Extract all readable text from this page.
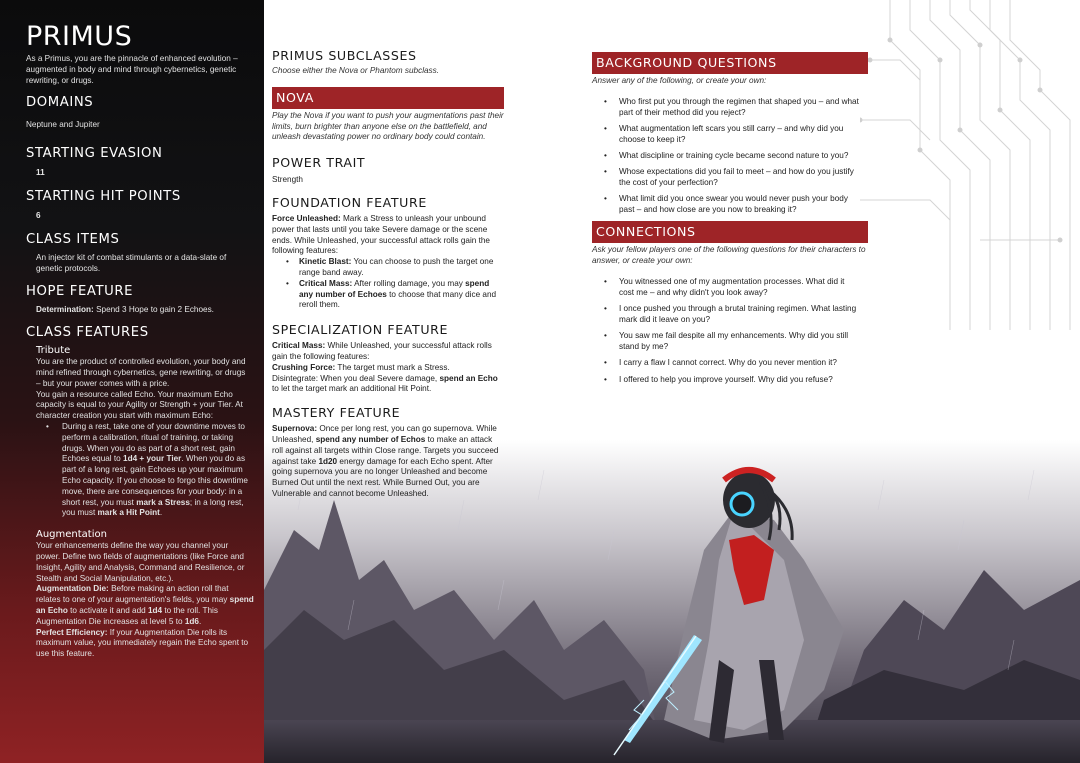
PRIMUS
As a Primus, you are the pinnacle of enhanced evolution – augmented in body and mind through cybernetics, genetic rewriting, or drugs.
DOMAINS
Neptune and Jupiter
STARTING EVASION
11
STARTING HIT POINTS
6
CLASS ITEMS
An injector kit of combat stimulants or a data-slate of genetic protocols.
HOPE FEATURE
Determination: Spend 3 Hope to gain 2 Echoes.
CLASS FEATURES
Tribute
You are the product of controlled evolution, your body and mind refined through cybernetics, gene rewriting, or drugs
– but your power comes with a price.
You gain a resource called Echo. Your maximum Echo capacity is equal to your Agility or Strength + your Tier. At character creation you start with maximum Echo:
• During a rest, take one of your downtime moves to perform a calibration, ritual of training, or taking drugs. When you do as part of a short rest, gain Echoes equal to 1d4 + your Tier. When you do as part of a long rest, gain Echoes up your maximum Echo capacity. If you choose to forgo this downtime move, there are consequences for your body: in a short rest, you must mark a Stress; in a long rest, you must mark a Hit Point.
Augmentation
Your enhancements define the way you channel your power. Define two fields of augmentations (like Force and Insight, Agility and Analysis, Command and Resilience, or Stealth and Social Manipulation, etc.).
Augmentation Die: Before making an action roll that relates to one of your augmentation's fields, you may spend an Echo to activate it and add 1d4 to the roll. This Augmentation Die increases at level 5 to 1d6.
Perfect Efficiency: If your Augmentation Die rolls its maximum value, you immediately regain the Echo spent to use this feature.
PRIMUS SUBCLASSES
Choose either the Nova or Phantom subclass.
NOVA
Play the Nova if you want to push your augmentations past their limits, burn brighter than anyone else on the battlefield, and unleash devastating power no ordinary body could contain.
POWER TRAIT
Strength
FOUNDATION FEATURE
Force Unleashed: Mark a Stress to unleash your unbound power that lasts until you take Severe damage or the scene ends. While Unleashed, your successful attack rolls gain the following features:
• Kinetic Blast: You can choose to push the target one range band away.
• Critical Mass: After rolling damage, you may spend any number of Echoes to choose that many dice and reroll them.
SPECIALIZATION FEATURE
Critical Mass: While Unleashed, your successful attack rolls gain the following features:
Crushing Force: The target must mark a Stress.
Disintegrate: When you deal Severe damage, spend an Echo to let the target mark an additional Hit Point.
MASTERY FEATURE
Supernova: Once per long rest, you can go supernova. While Unleashed, spend any number of Echos to make an attack roll against all targets within Close range. Targets you succeed against take 1d20 energy damage for each Echo spent. After going supernova you are no longer Unleashed and become Burned Out until the next rest. While Burned Out, you are Vulnerable and cannot become Unleashed.
BACKGROUND QUESTIONS
Answer any of the following, or create your own:
• Who first put you through the regimen that shaped you – and what part of their method did you reject?
• What augmentation left scars you still carry – and why did you choose to keep it?
• What discipline or training cycle became second nature to you?
• Whose expectations did you fail to meet – and how do you justify the cost of your perfection?
• What limit did you once swear you would never push your body past – and how close are you now to breaking it?
CONNECTIONS
Ask your fellow players one of the following questions for their characters to answer, or create your own:
• You witnessed one of my augmentation processes. What did it cost me – and why didn't you look away?
• I once pushed you through a brutal training regimen. What lasting mark did it leave on you?
• You saw me fail despite all my enhancements. Why did you still stand by me?
• I carry a flaw I cannot correct. Why do you never mention it?
• I offered to help you improve yourself. Why did you refuse?
